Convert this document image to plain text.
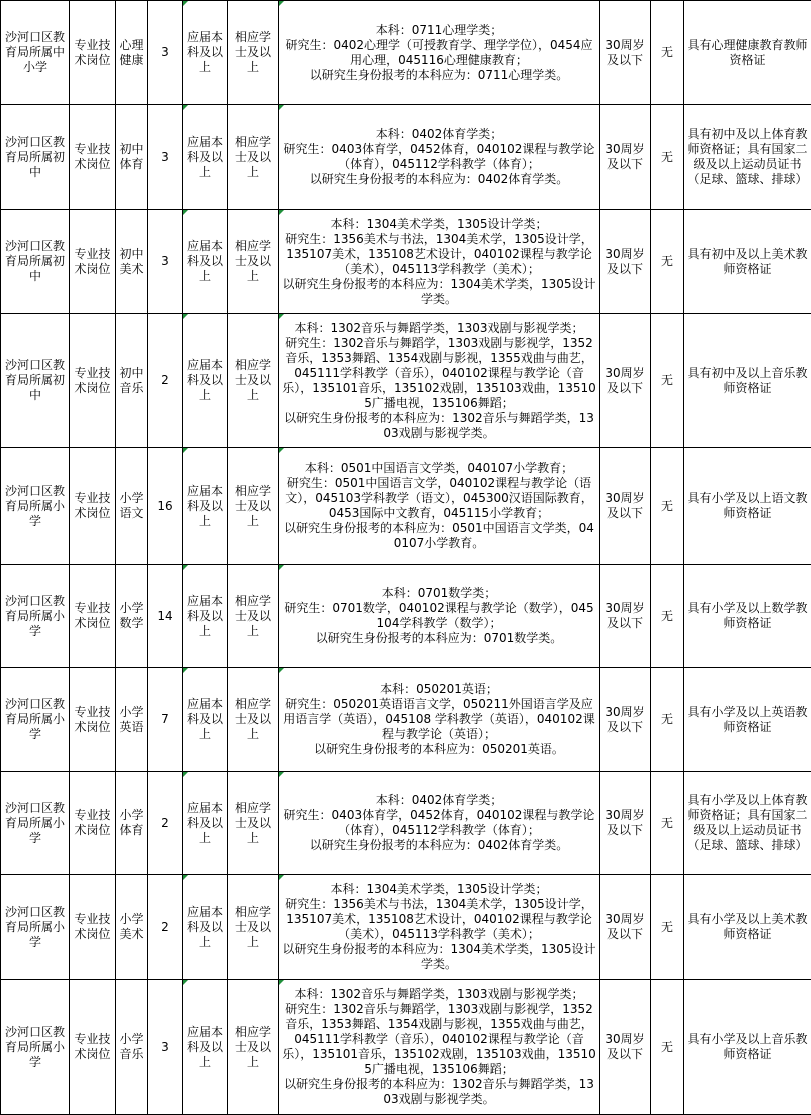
沙河口区教育局所属中小学	专业技术岗位	心理健康	3	应届本科及以上	相应学士及以上	本科：0711心理学类；
研究生：0402心理学（可授教育学、理学学位），0454应用心理，045116心理健康教育；
以研究生身份报考的本科应为：0711心理学类。	30周岁及以下	无	具有心理健康教育教师资格证
沙河口区教育局所属初中	专业技术岗位	初中体育	3	应届本科及以上	相应学士及以上	本科：0402体育学类；
研究生：0403体育学，0452体育，040102课程与教学论（体育），045112学科教学（体育）；
以研究生身份报考的本科应为：0402体育学类。	30周岁及以下	无	具有初中及以上体育教师资格证；具有国家二级及以上运动员证书（足球、篮球、排球）
沙河口区教育局所属初中	专业技术岗位	初中美术	3	应届本科及以上	相应学士及以上	本科：1304美术学类，1305设计学类；
研究生：1356美术与书法，1304美术学，1305设计学，135107美术，135108艺术设计，040102课程与教学论（美术），045113学科教学（美术）；
以研究生身份报考的本科应为：1304美术学类，1305设计学类。	30周岁及以下	无	具有初中及以上美术教师资格证
沙河口区教育局所属初中	专业技术岗位	初中音乐	2	应届本科及以上	相应学士及以上	本科：1302音乐与舞蹈学类，1303戏剧与影视学类；
研究生：1302音乐与舞蹈学，1303戏剧与影视学，1352音乐，1353舞蹈、1354戏剧与影视，1355戏曲与曲艺，045111学科教学（音乐），040102课程与教学论（音乐），135101音乐，135102戏剧，135103戏曲，135105广播电视，135106舞蹈；
以研究生身份报考的本科应为：1302音乐与舞蹈学类，1303戏剧与影视学类。	30周岁及以下	无	具有初中及以上音乐教师资格证
沙河口区教育局所属小学	专业技术岗位	小学语文	16	应届本科及以上	相应学士及以上	本科：0501中国语言文学类，040107小学教育；
研究生：0501中国语言文学，040102课程与教学论（语文），045103学科教学（语文），045300汉语国际教育，0453国际中文教育，045115小学教育；
以研究生身份报考的本科应为：0501中国语言文学类，040107小学教育。	30周岁及以下	无	具有小学及以上语文教师资格证
沙河口区教育局所属小学	专业技术岗位	小学数学	14	应届本科及以上	相应学士及以上	本科：0701数学类；
研究生：0701数学，040102课程与教学论（数学），045104学科教学（数学）；
以研究生身份报考的本科应为：0701数学类。	30周岁及以下	无	具有小学及以上数学教师资格证
沙河口区教育局所属小学	专业技术岗位	小学英语	7	应届本科及以上	相应学士及以上	本科：050201英语；
研究生：050201英语语言文学，050211外国语言学及应用语言学（英语），045108 学科教学（英语），040102课程与教学论（英语）；
以研究生身份报考的本科应为：050201英语。	30周岁及以下	无	具有小学及以上英语教师资格证
沙河口区教育局所属小学	专业技术岗位	小学体育	2	应届本科及以上	相应学士及以上	本科：0402体育学类；
研究生：0403体育学，0452体育，040102课程与教学论（体育），045112学科教学（体育）；
以研究生身份报考的本科应为：0402体育学类。	30周岁及以下	无	具有小学及以上体育教师资格证；具有国家二级及以上运动员证书（足球、篮球、排球）
沙河口区教育局所属小学	专业技术岗位	小学美术	2	应届本科及以上	相应学士及以上	本科：1304美术学类，1305设计学类；
研究生：1356美术与书法，1304美术学，1305设计学，135107美术，135108艺术设计，040102课程与教学论（美术），045113学科教学（美术）；
以研究生身份报考的本科应为：1304美术学类，1305设计学类。	30周岁及以下	无	具有小学及以上美术教师资格证
沙河口区教育局所属小学	专业技术岗位	小学音乐	3	应届本科及以上	相应学士及以上	本科：1302音乐与舞蹈学类，1303戏剧与影视学类；
研究生：1302音乐与舞蹈学，1303戏剧与影视学，1352音乐，1353舞蹈、1354戏剧与影视，1355戏曲与曲艺，045111学科教学（音乐），040102课程与教学论（音乐），135101音乐，135102戏剧，135103戏曲，135105广播电视，135106舞蹈；
以研究生身份报考的本科应为：1302音乐与舞蹈学类，1303戏剧与影视学类。	30周岁及以下	无	具有小学及以上音乐教师资格证
